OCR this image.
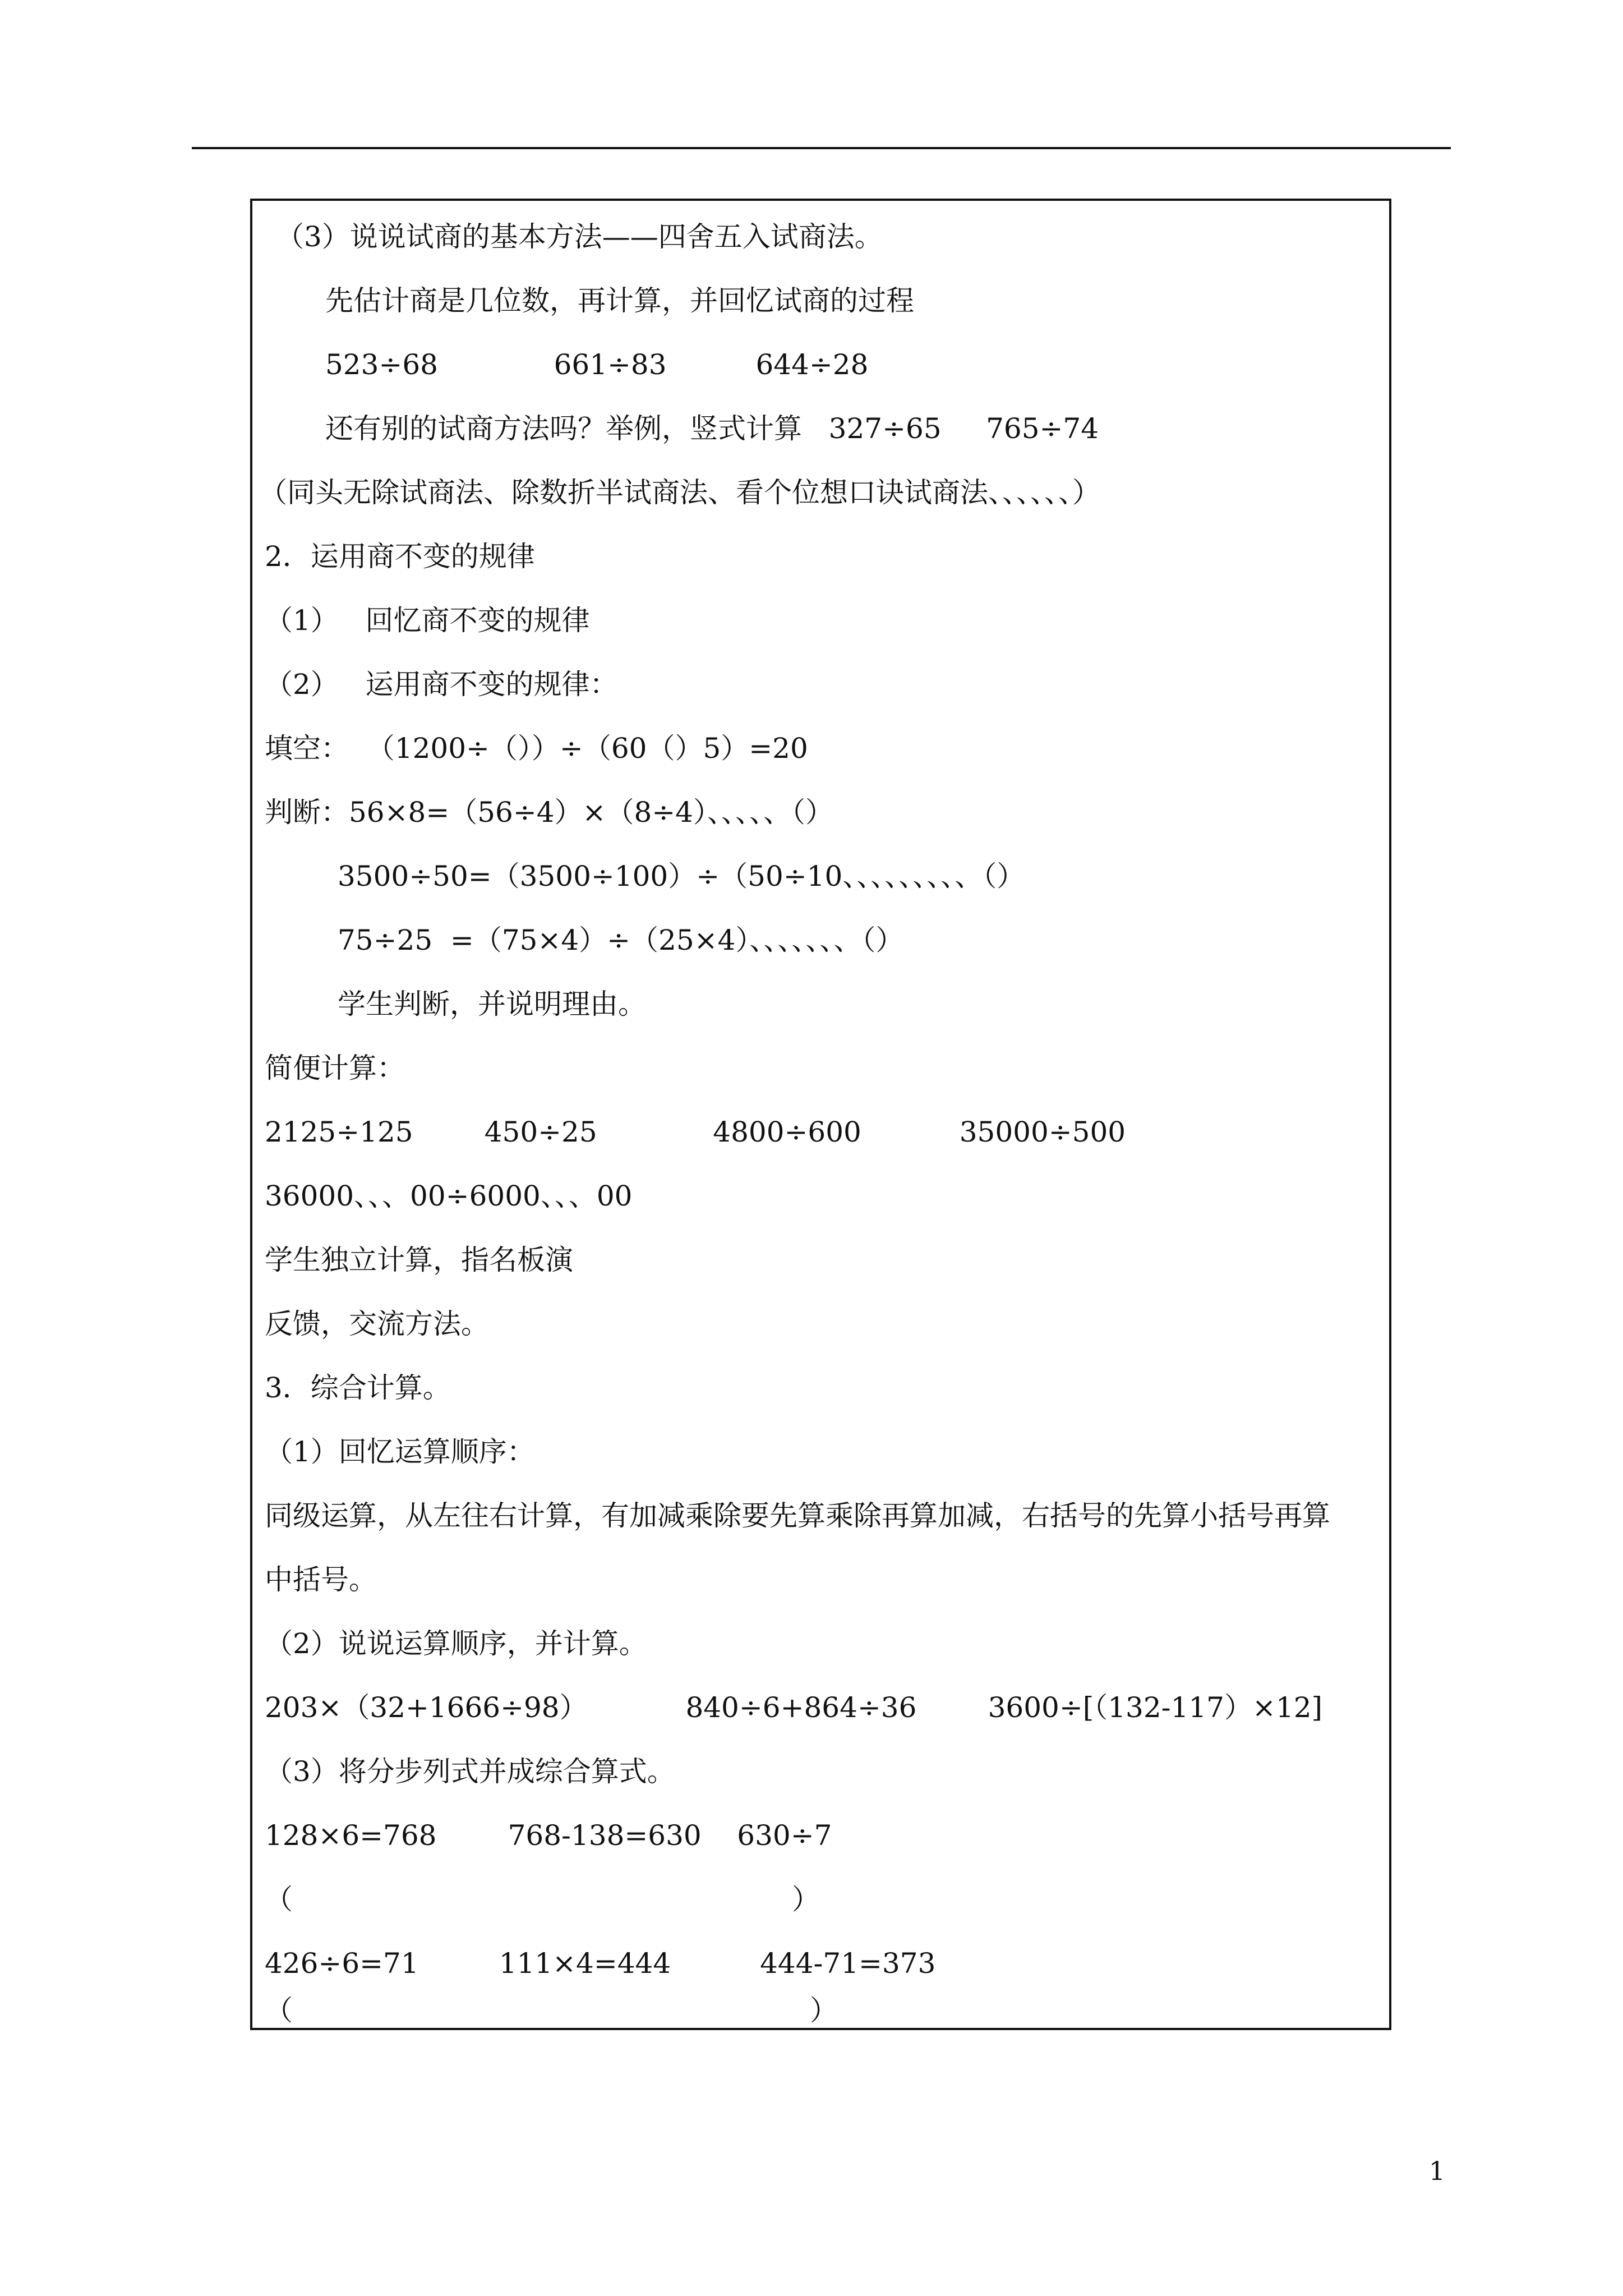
（3）说说试商的基本方法——四舍五入试商法。
先估计商是几位数，再计算，并回忆试商的过程
523÷68             661÷83          644÷28
还有别的试商方法吗？举例，竖式计算   327÷65     765÷74
（同头无除试商法、除数折半试商法、看个位想口诀试商法、、、、、、）
2．运用商不变的规律
（1）   回忆商不变的规律
（2）   运用商不变的规律：
填空：  （1200÷（））÷（60（）5）=20
判断：56×8=（56÷4）×（8÷4）、、、、、（）
3500÷50=（3500÷100）÷（50÷10、、、、、、、、、（）
75÷25  =（75×4）÷（25×4）、、、、、、、（）
学生判断，并说明理由。
简便计算：
2125÷125        450÷25             4800÷600           35000÷500
36000、、、00÷6000、、、00
学生独立计算，指名板演
反馈，交流方法。
3．综合计算。
（1）回忆运算顺序：
同级运算，从左往右计算，有加减乘除要先算乘除再算加减，右括号的先算小括号再算
中括号。
（2）说说运算顺序，并计算。
203×（32+1666÷98）           840÷6+864÷36        3600÷[（132-117）×12]
（3）将分步列式并成综合算式。
128×6=768        768-138=630    630÷7
（                                                        ）
426÷6=71         111×4=444          444-71=373
（                                                          ）
1
